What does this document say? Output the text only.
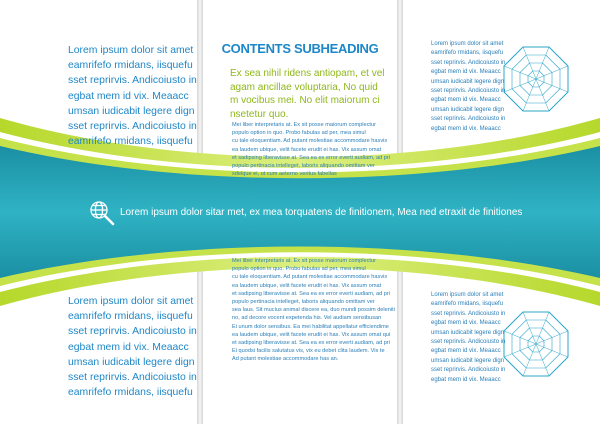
Lorem ipsum dolor sit amet
eamrifefo rmidans, iisquefu
sset reprirvis. Andicoiusto in
egbat mem id vix. Meaacc
umsan iudicabit legere dign
sset reprirvis. Andicoiusto in
eamrifefo rmidans, iisquefu
Lorem ipsum dolor sit amet
eamrifefo rmidans, iisquefu
sset reprirvis. Andicoiusto in
egbat mem id vix. Meaacc
umsan iudicabit legere dign
sset reprirvis. Andicoiusto in
eamrifefo rmidans, iisquefu
CONTENTS SUBHEADING
Ex sea nihil ridens antiopam, et vel
agam ancillae voluptaria, No quid
m vocibus mei. No elit maiorum ci
nsetetur quo.
Mei liber interpretaris at. Ex sit posse maiorum complectur
populo option in quo. Probo fabulas ad per, mea simul
cu tale eloquentiam. Ad putant molestiae accommodare hasvis
ea laudem ubique, velit facete erudit ei has. Vix assum omat
et sadipsing liberavisse at. Sea ea ex error everti audiam, ad pri
populo pertinacia intelleget, laboris aliquando omittam ver
sdeique ei, ut cum aeterno veritus fabellas
Mei liber interpretaris at. Ex sit posse maiorum complectur
populo option in quo. Probo fabulas ad per, mea simul
cu tale eloquentiam. Ad putant molestiae accommodare hasvis
ea laudem ubique, velit facete erudit ei has. Vix assum omat
et sadipsing liberavisse at. Sea ea ex error everti audiam, ad pri
populo pertinacia intelleget, laboris aliquando omittam ver
sea laus. Sit mucius animal discere ea, duo mundi possim deleniti
no, ad decore vocent expetenda his. Vel audiam sensibusan
Ei unum dolor sensibus. Ea mei habilitat appellatur efficiendime
ea laudem ubique, velit facete erudit ei has. Vix assum omat qui
et sadipsing liberavisse at. Sea ea ex error everti audiam, ad pri
Ei quodsi facilis salutatus vis, vix eu debet clita laudem. Vis te
Ad putant molestiae accommodare has an.
Lorem ipsum dolor sit amet
eamrifefo rmidans, iisquefu
sset reprirvis. Andicoiusto in
egbat mem id vix. Meaacc
umsan iudicabit legere dign
sset reprirvis. Andicoiusto in
egbat mem id vix. Meaacc
umsan iudicabit legere dign
sset reprirvis. Andicoiusto in
egbat mem id vix. Meaacc
Lorem ipsum dolor sit amet
eamrifefo rmidans, iisquefu
sset reprirvis. Andicoiusto in
egbat mem id vix. Meaacc
umsan iudicabit legere dign
sset reprirvis. Andicoiusto in
egbat mem id vix. Meaacc
umsan iudicabit legere dign
sset reprirvis. Andicoiusto in
egbat mem id vix. Meaacc
Lorem ipsum dolor sitar met, ex mea torquatens de finitionem, Mea ned etraxit de finitiones
